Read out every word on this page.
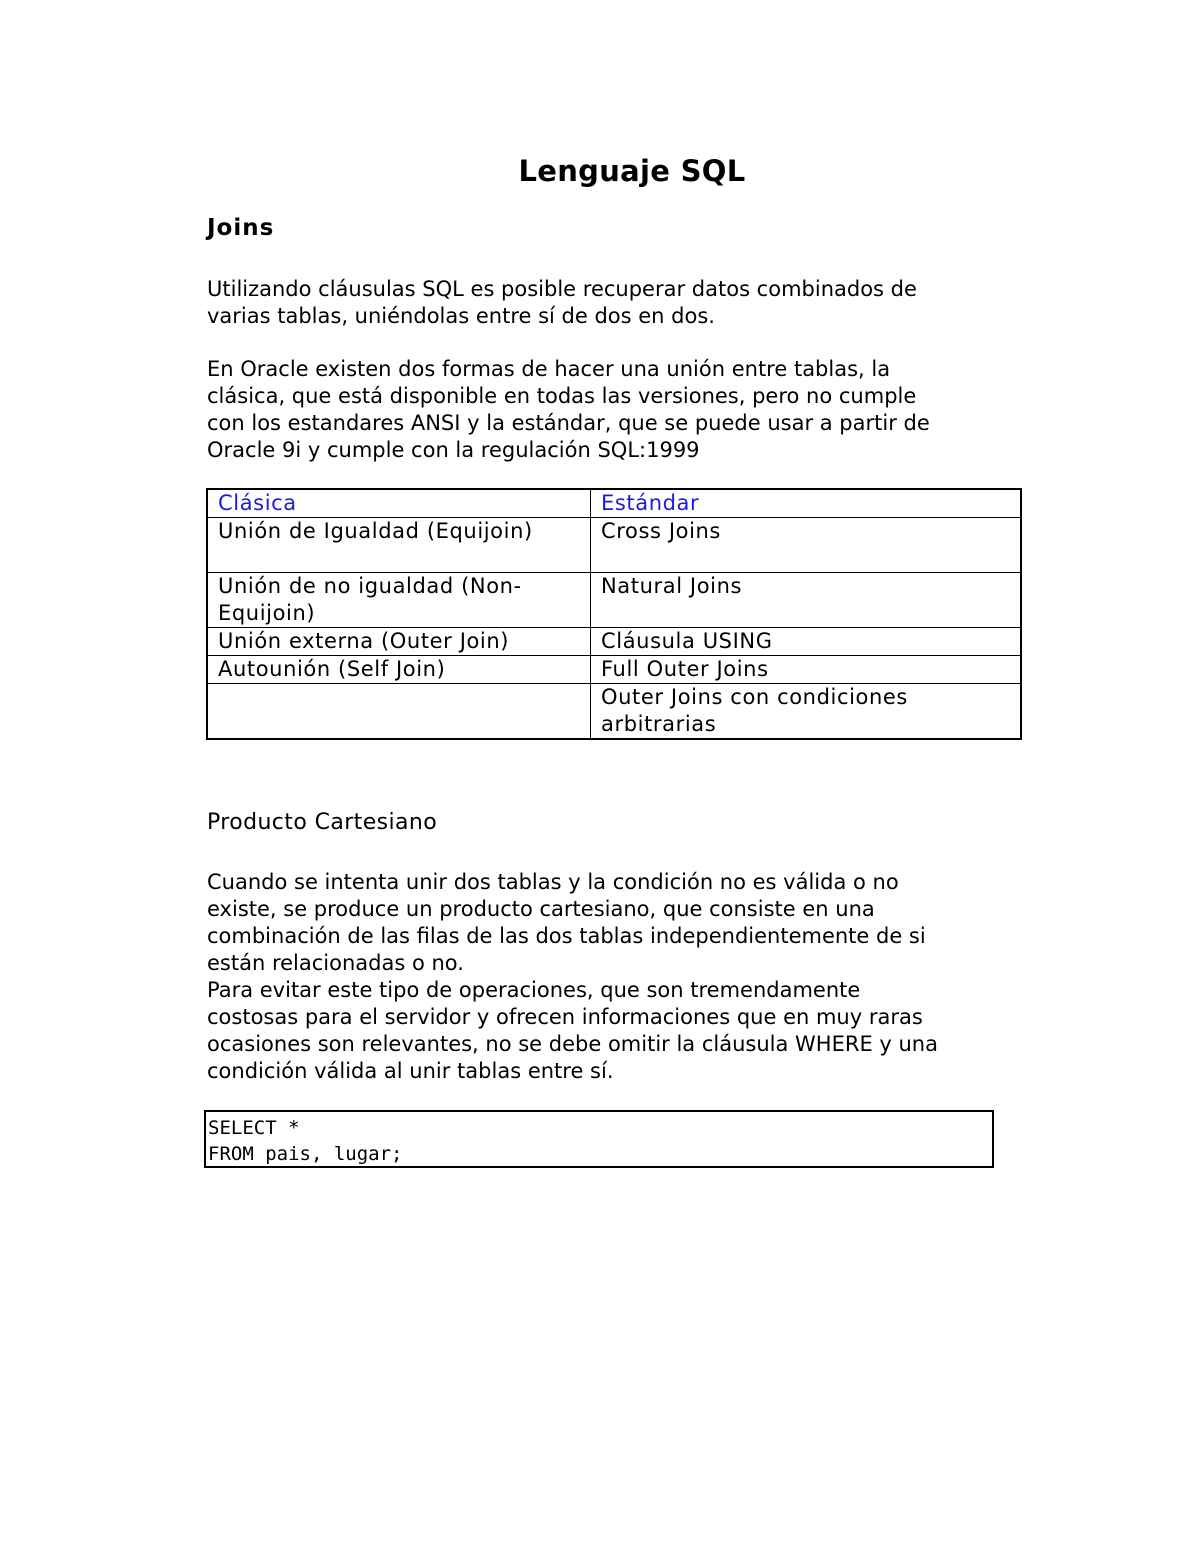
Lenguaje SQL
Joins

Utilizando cláusulas SQL es posible recuperar datos combinados de
varias tablas, uniéndolas entre sí de dos en dos.

En Oracle existen dos formas de hacer una unión entre tablas, la
clásica, que está disponible en todas las versiones, pero no cumple
con los estandares ANSI y la estándar, que se puede usar a partir de
Oracle 9i y cumple con la regulación SQL:1999

Clásica	Estándar
Unión de Igualdad (Equijoin)	Cross Joins
Unión de no igualdad (Non-Equijoin)	Natural Joins
Unión externa (Outer Join)	Cláusula USING
Autounión (Self Join)	Full Outer Joins
	Outer Joins con condiciones arbitrarias
Producto Cartesiano

Cuando se intenta unir dos tablas y la condición no es válida o no
existe, se produce un producto cartesiano, que consiste en una
combinación de las filas de las dos tablas independientemente de si
están relacionadas o no.
Para evitar este tipo de operaciones, que son tremendamente
costosas para el servidor y ofrecen informaciones que en muy raras
ocasiones son relevantes, no se debe omitir la cláusula WHERE y una
condición válida al unir tablas entre sí.

SELECT *
FROM pais, lugar;
